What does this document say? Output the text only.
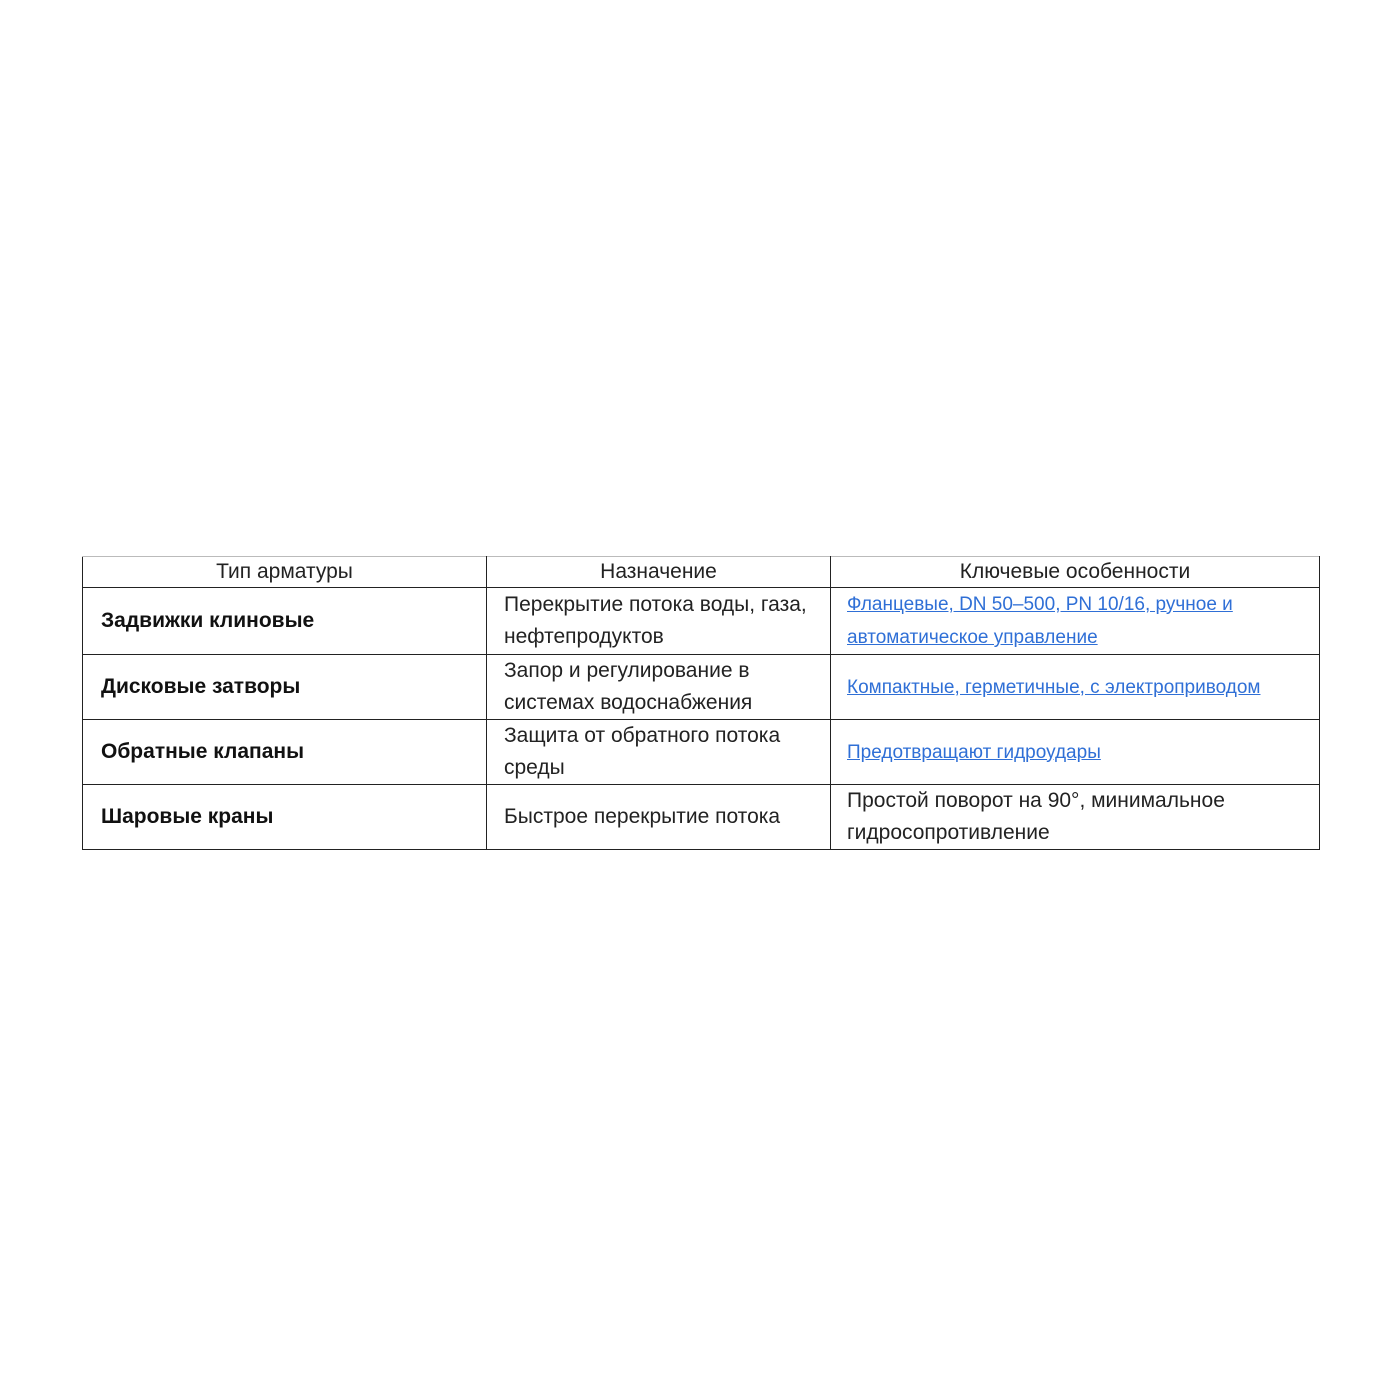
Тип арматуры	Назначение	Ключевые особенности
Задвижки клиновые	Перекрытие потока воды, газа, нефтепродуктов	Фланцевые, DN 50–500, PN 10/16, ручное и автоматическое управление
Дисковые затворы	Запор и регулирование в системах водоснабжения	Компактные, герметичные, с электроприводом
Обратные клапаны	Защита от обратного потока среды	Предотвращают гидроудары
Шаровые краны	Быстрое перекрытие потока	Простой поворот на 90°, минимальное гидросопротивление
